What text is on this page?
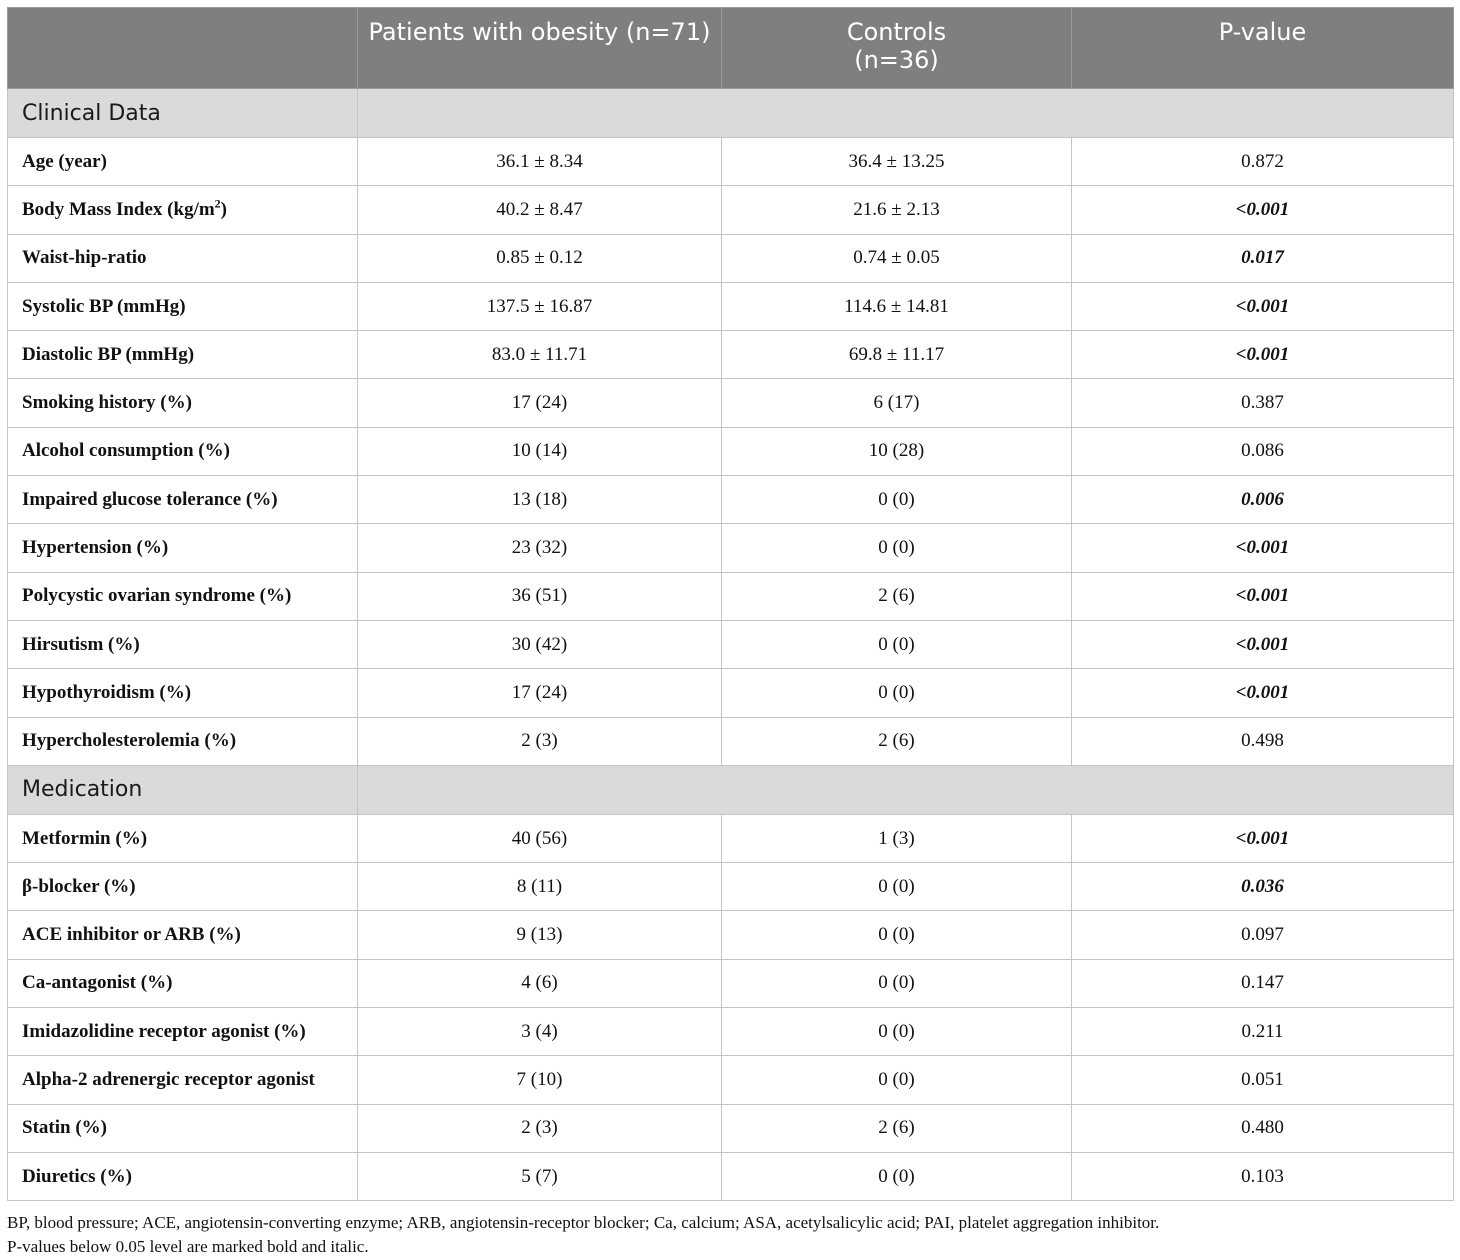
	Patients with obesity (n=71)	Controls
(n=36)	P-value
Clinical Data			
Age (year)	36.1 ± 8.34	36.4 ± 13.25	0.872
Body Mass Index $(kg/m^2)$	40.2 ± 8.47	21.6 ± 2.13	<0.001
Waist-hip-ratio	0.85 ± 0.12	0.74 ± 0.05	0.017
Systolic BP (mmHg)	137.5 ± 16.87	114.6 ± 14.81	<0.001
Diastolic BP (mmHg)	83.0 ± 11.71	69.8 ± 11.17	<0.001
Smoking history (%)	17 (24)	6 (17)	0.387
Alcohol consumption (%)	10 (14)	10 (28)	0.086
Impaired glucose tolerance (%)	13 (18)	0 (0)	0.006
Hypertension (%)	23 (32)	0 (0)	<0.001
Polycystic ovarian syndrome (%)	36 (51)	2 (6)	<0.001
Hirsutism (%)	30 (42)	0 (0)	<0.001
Hypothyroidism (%)	17 (24)	0 (0)	<0.001
Hypercholesterolemia (%)	2 (3)	2 (6)	0.498
Medication			
Metformin (%)	40 (56)	1 (3)	<0.001
β-blocker (%)	8 (11)	0 (0)	0.036
ACE inhibitor or ARB (%)	9 (13)	0 (0)	0.097
Ca-antagonist (%)	4 (6)	0 (0)	0.147
Imidazolidine receptor agonist (%)	3 (4)	0 (0)	0.211
Alpha-2 adrenergic receptor agonist	7 (10)	0 (0)	0.051
Statin (%)	2 (3)	2 (6)	0.480
Diuretics (%)	5 (7)	0 (0)	0.103
BP, blood pressure; ACE, angiotensin-converting enzyme; ARB, angiotensin-receptor blocker; Ca, calcium; ASA, acetylsalicylic acid; PAI, platelet aggregation inhibitor.
P-values below 0.05 level are marked bold and italic.
